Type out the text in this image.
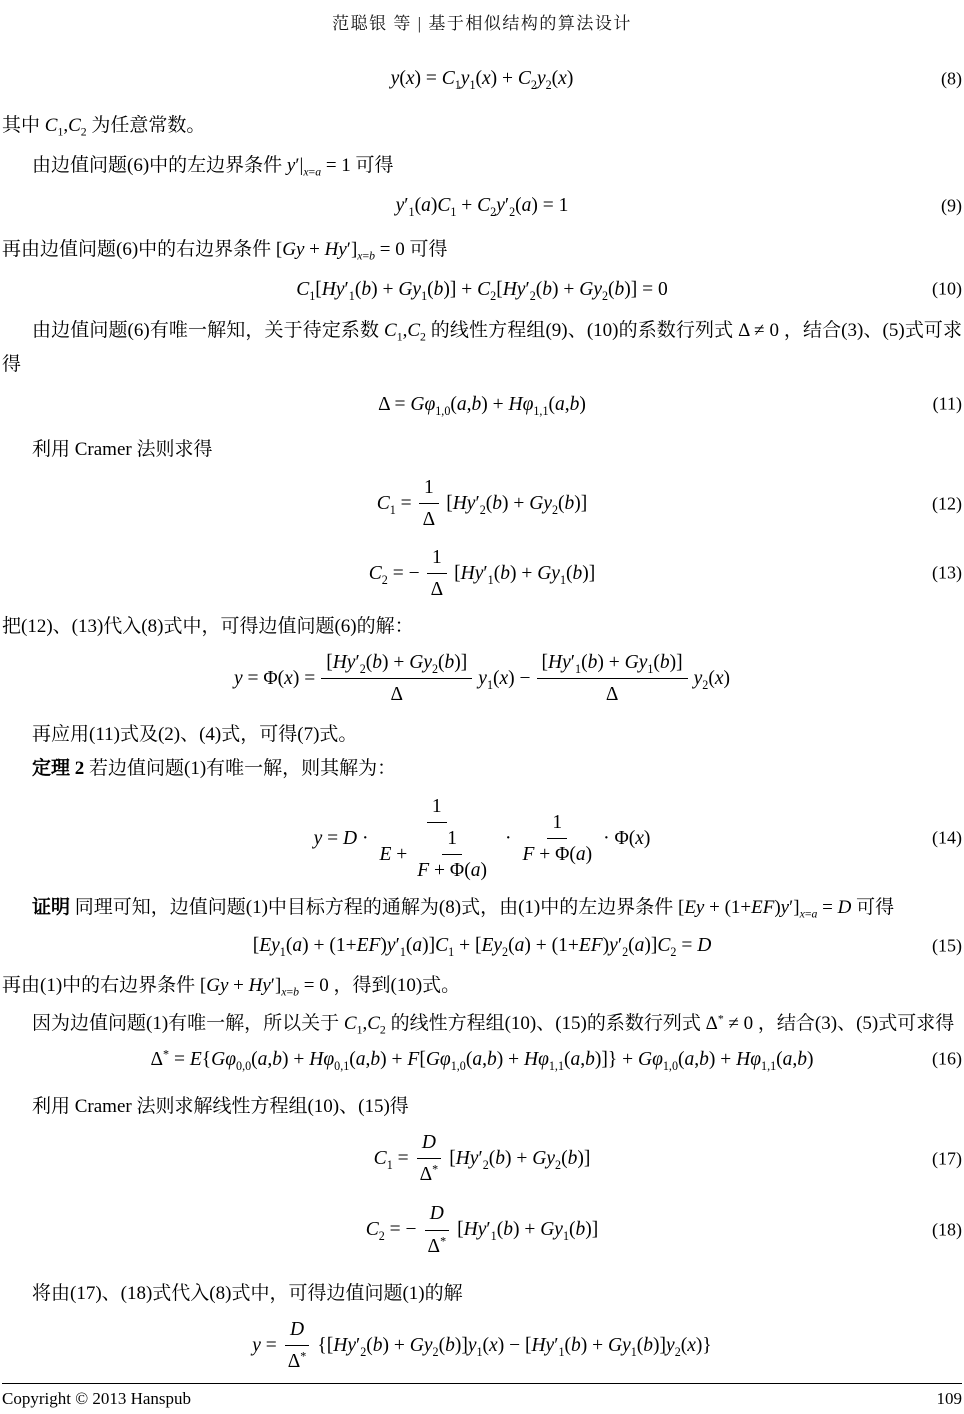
范聪银 等 | 基于相似结构的算法设计
$y(x) = C_1y_1(x) + C_2y_2(x)$	(8)

其中 $C_1,C_2$ 为任意常数。

由边值问题(6)中的左边界条件 $y'|_{x=a} = 1$ 可得

$y'_1(a)C_1 + C_2y'_2(a) = 1$	(9)

再由边值问题(6)中的右边界条件 $[Gy + Hy']_{x=b} = 0$ 可得

$C_1[Hy'_1(b) + Gy_1(b)] + C_2[Hy'_2(b) + Gy_2(b)] = 0$	(10)

由边值问题(6)有唯一解知，关于待定系数 $C_1,C_2$ 的线性方程组(9)、(10)的系数行列式 Δ ≠ 0 ，结合(3)、(5)式可求得

$\Delta = G\varphi_{1,0}(a,b) + H\varphi_{1,1}(a,b)$	(11)

利用 Cramer 法则求得

$C_1 = \frac{1}{\Delta} [Hy'_2(b) + Gy_2(b)]$	(12)
$C_2$ = − $\frac{1}{\Delta} [Hy'_1(b) + Gy_1(b)]$	(13)

把(12)、(13)代入(8)式中，可得边值问题(6)的解：

$y = \Phi(x) = \frac{[Hy'_2(b) + Gy_2(b)]}{\Delta} y_1(x) - \frac{[Hy'_1(b) + Gy_1(b)]}{\Delta} y_2(x)$

再应用(11)式及(2)、(4)式，可得(7)式。

定理 2 若边值问题(1)有唯一解，则其解为：

$y = D \cdot \frac{1}{E + \frac{1}{F + \Phi(a)}} \cdot \frac{1}{F + \Phi(a)} \cdot \Phi(x)$	(14)

证明 同理可知，边值问题(1)中目标方程的通解为(8)式，由(1)中的左边界条件 $[Ey + (1+EF)y']_{x=a} = D$ 可得

$[Ey_1(a) + (1+EF)y'_1(a)]C_1 + [Ey_2(a) + (1+EF)y'_2(a)]C_2 = D$	(15)

再由(1)中的右边界条件 $[Gy + Hy']_{x=b} = 0$ ，得到(10)式。

因为边值问题(1)有唯一解，所以关于 $C_1,C_2$ 的线性方程组(10)、(15)的系数行列式 Δ* ≠ 0 ，结合(3)、(5)式可求得

$\Delta^* = E\{G\varphi_{0,0}(a,b) + H\varphi_{0,1}(a,b) + F[G\varphi_{1,0}(a,b) + H\varphi_{1,1}(a,b)]\} + G\varphi_{1,0}(a,b) + H\varphi_{1,1}(a,b)$	(16)

利用 Cramer 法则求解线性方程组(10)、(15)得

$C_1 = \frac{D}{\Delta^*} [Hy'_2(b) + Gy_2(b)]$	(17)
$C_2$ = − $\frac{D}{\Delta^*} [Hy'_1(b) + Gy_1(b)]$	(18)

将由(17)、(18)式代入(8)式中，可得边值问题(1)的解

$y = \frac{D}{\Delta^*} \{[Hy'_2(b) + Gy_2(b)]y_1(x) - [Hy'_1(b) + Gy_1(b)]y_2(x)\}$
Copyright © 2013 Hanspub	109
